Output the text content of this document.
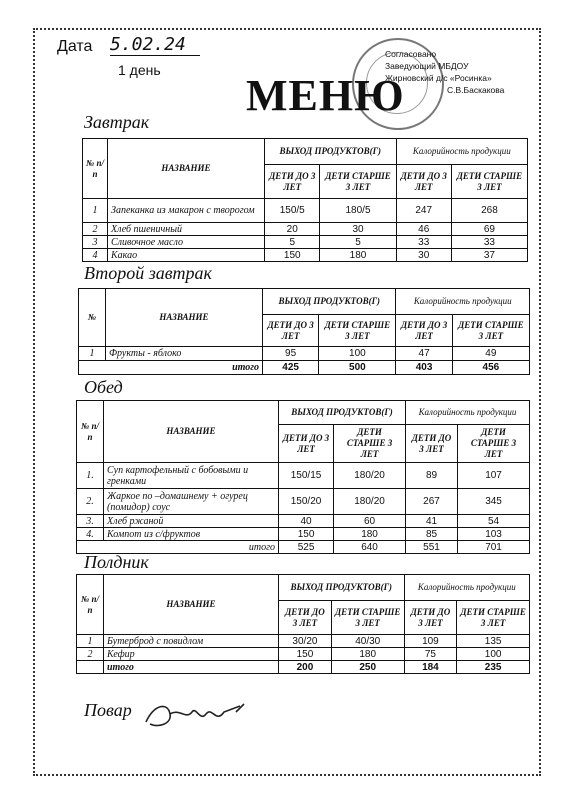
Дата 5.02.24
1 день
МЕНЮ
Согласовано
Заведующий МБДОУ
Жирновский д/с «Росинка»
С.В.Баскакова
Завтрак
№ п/п	НАЗВАНИЕ	ВЫХОД ПРОДУКТОВ(Г)		Калорийность продукции	
		ДЕТИ ДО 3 ЛЕТ	ДЕТИ СТАРШЕ 3 ЛЕТ	ДЕТИ ДО 3 ЛЕТ	ДЕТИ СТАРШЕ 3 ЛЕТ
1	Запеканка из макарон с творогом	150/5	180/5	247	268
2	Хлеб пшеничный	20	30	46	69
3	Сливочное масло	5	5	33	33
4	Какао	150	180	30	37
Второй завтрак
№	НАЗВАНИЕ	ВЫХОД ПРОДУКТОВ(Г)		Калорийность продукции	
		ДЕТИ ДО 3 ЛЕТ	ДЕТИ СТАРШЕ 3 ЛЕТ	ДЕТИ ДО 3 ЛЕТ	ДЕТИ СТАРШЕ 3 ЛЕТ
1	Фрукты - яблоко	95	100	47	49
итого		425	500	403	456
Обед
№ п/п	НАЗВАНИЕ	ВЫХОД ПРОДУКТОВ(Г)		Калорийность продукции	
		ДЕТИ ДО 3 ЛЕТ	ДЕТИ СТАРШЕ 3 ЛЕТ	ДЕТИ ДО 3 ЛЕТ	ДЕТИ СТАРШЕ 3 ЛЕТ
1.	Суп картофельный с бобовыми и гренками	150/15	180/20	89	107
2.	Жаркое по –домашнему + огурец (помидор) соус	150/20	180/20	267	345
3.	Хлеб ржаной	40	60	41	54
4.	Компот из с/фруктов	150	180	85	103
итого		525	640	551	701
Полдник
№ п/п	НАЗВАНИЕ	ВЫХОД ПРОДУКТОВ(Г)		Калорийность продукции	
		ДЕТИ ДО 3 ЛЕТ	ДЕТИ СТАРШЕ 3 ЛЕТ	ДЕТИ ДО 3 ЛЕТ	ДЕТИ СТАРШЕ 3 ЛЕТ
1	Бутерброд с повидлом	30/20	40/30	109	135
2	Кефир	150	180	75	100
	итого	200	250	184	235
Повар
